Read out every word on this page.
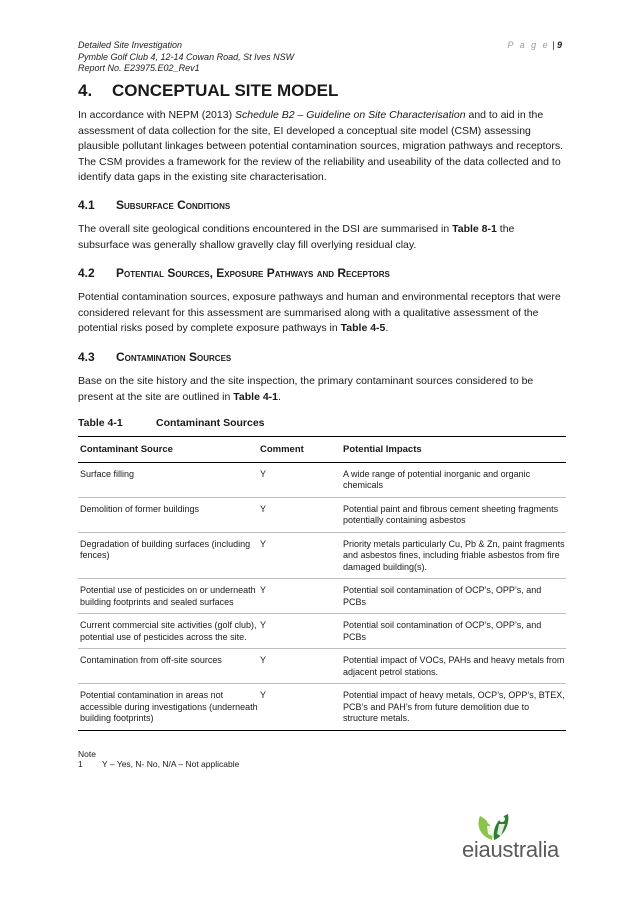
Detailed Site Investigation
Pymble Golf Club 4, 12-14 Cowan Road, St Ives NSW
Report No. E23975.E02_Rev1
P a g e | 9
4. CONCEPTUAL SITE MODEL
In accordance with NEPM (2013) Schedule B2 – Guideline on Site Characterisation and to aid in the assessment of data collection for the site, EI developed a conceptual site model (CSM) assessing plausible pollutant linkages between potential contamination sources, migration pathways and receptors. The CSM provides a framework for the review of the reliability and useability of the data collected and to identify data gaps in the existing site characterisation.
4.1 Subsurface Conditions
The overall site geological conditions encountered in the DSI are summarised in Table 8-1 the subsurface was generally shallow gravelly clay fill overlying residual clay.
4.2 Potential Sources, Exposure Pathways and Receptors
Potential contamination sources, exposure pathways and human and environmental receptors that were considered relevant for this assessment are summarised along with a qualitative assessment of the potential risks posed by complete exposure pathways in Table 4-5.
4.3 Contamination Sources
Base on the site history and the site inspection, the primary contaminant sources considered to be present at the site are outlined in Table 4-1.
Table 4-1	Contaminant Sources
Contaminant Source	Comment	Potential Impacts
Surface filling	Y	A wide range of potential inorganic and organic chemicals
Demolition of former buildings	Y	Potential paint and fibrous cement sheeting fragments potentially containing asbestos
Degradation of building surfaces (including fences)	Y	Priority metals particularly Cu, Pb & Zn, paint fragments and asbestos fines, including friable asbestos from fire damaged building(s).
Potential use of pesticides on or underneath building footprints and sealed surfaces	Y	Potential soil contamination of OCP’s, OPP’s, and PCBs
Current commercial site activities (golf club), potential use of pesticides across the site.	Y	Potential soil contamination of OCP’s, OPP’s, and PCBs
Contamination from off-site sources	Y	Potential impact of VOCs, PAHs and heavy metals from adjacent petrol stations.
Potential contamination in areas not accessible during investigations (underneath building footprints)	Y	Potential impact of heavy metals, OCP’s, OPP’s, BTEX, PCB’s and PAH’s from future demolition due to structure metals.
Note 1 Y – Yes, N- No, N/A – Not applicable
eiaustralia
